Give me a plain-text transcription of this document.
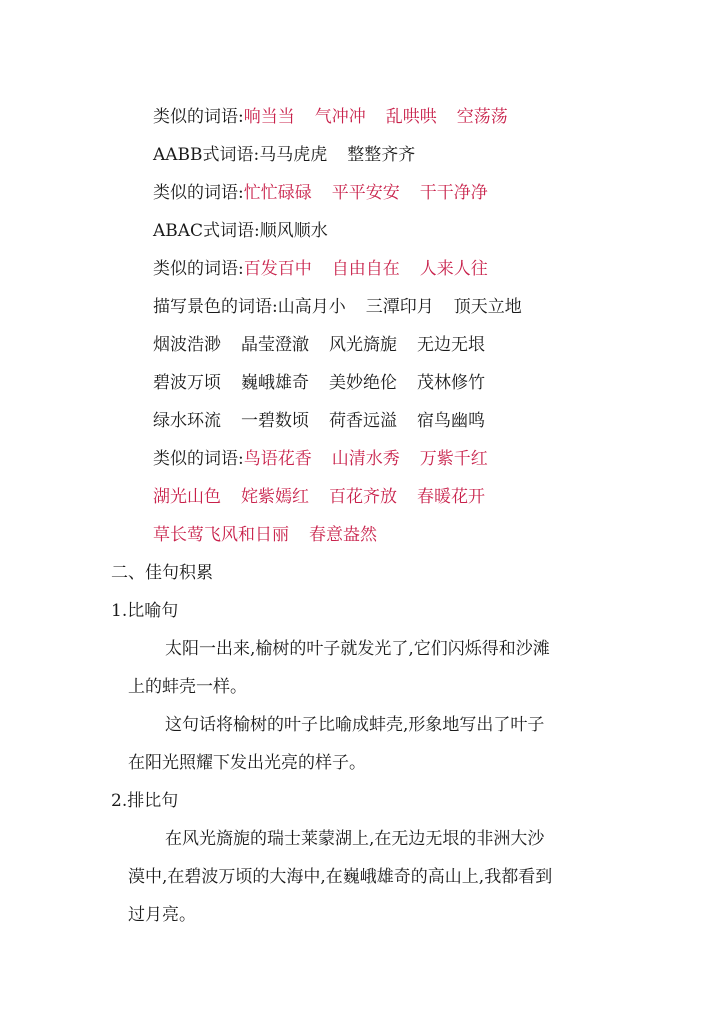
类似的词语:响当当 气冲冲 乱哄哄 空荡荡
AABB式词语:马马虎虎 整整齐齐
类似的词语:忙忙碌碌 平平安安 干干净净
ABAC式词语:顺风顺水
类似的词语:百发百中 自由自在 人来人往
描写景色的词语:山高月小 三潭印月 顶天立地
烟波浩渺 晶莹澄澈 风光旖旎 无边无垠
碧波万顷 巍峨雄奇 美妙绝伦 茂林修竹
绿水环流 一碧数顷 荷香远溢 宿鸟幽鸣
类似的词语:鸟语花香 山清水秀 万紫千红
湖光山色 姹紫嫣红 百花齐放 春暖花开
草长莺飞风和日丽 春意盎然
二、佳句积累
1.比喻句
太阳一出来,榆树的叶子就发光了,它们闪烁得和沙滩
上的蚌壳一样。
这句话将榆树的叶子比喻成蚌壳,形象地写出了叶子
在阳光照耀下发出光亮的样子。
2.排比句
在风光旖旎的瑞士莱蒙湖上,在无边无垠的非洲大沙
漠中,在碧波万顷的大海中,在巍峨雄奇的高山上,我都看到
过月亮。
